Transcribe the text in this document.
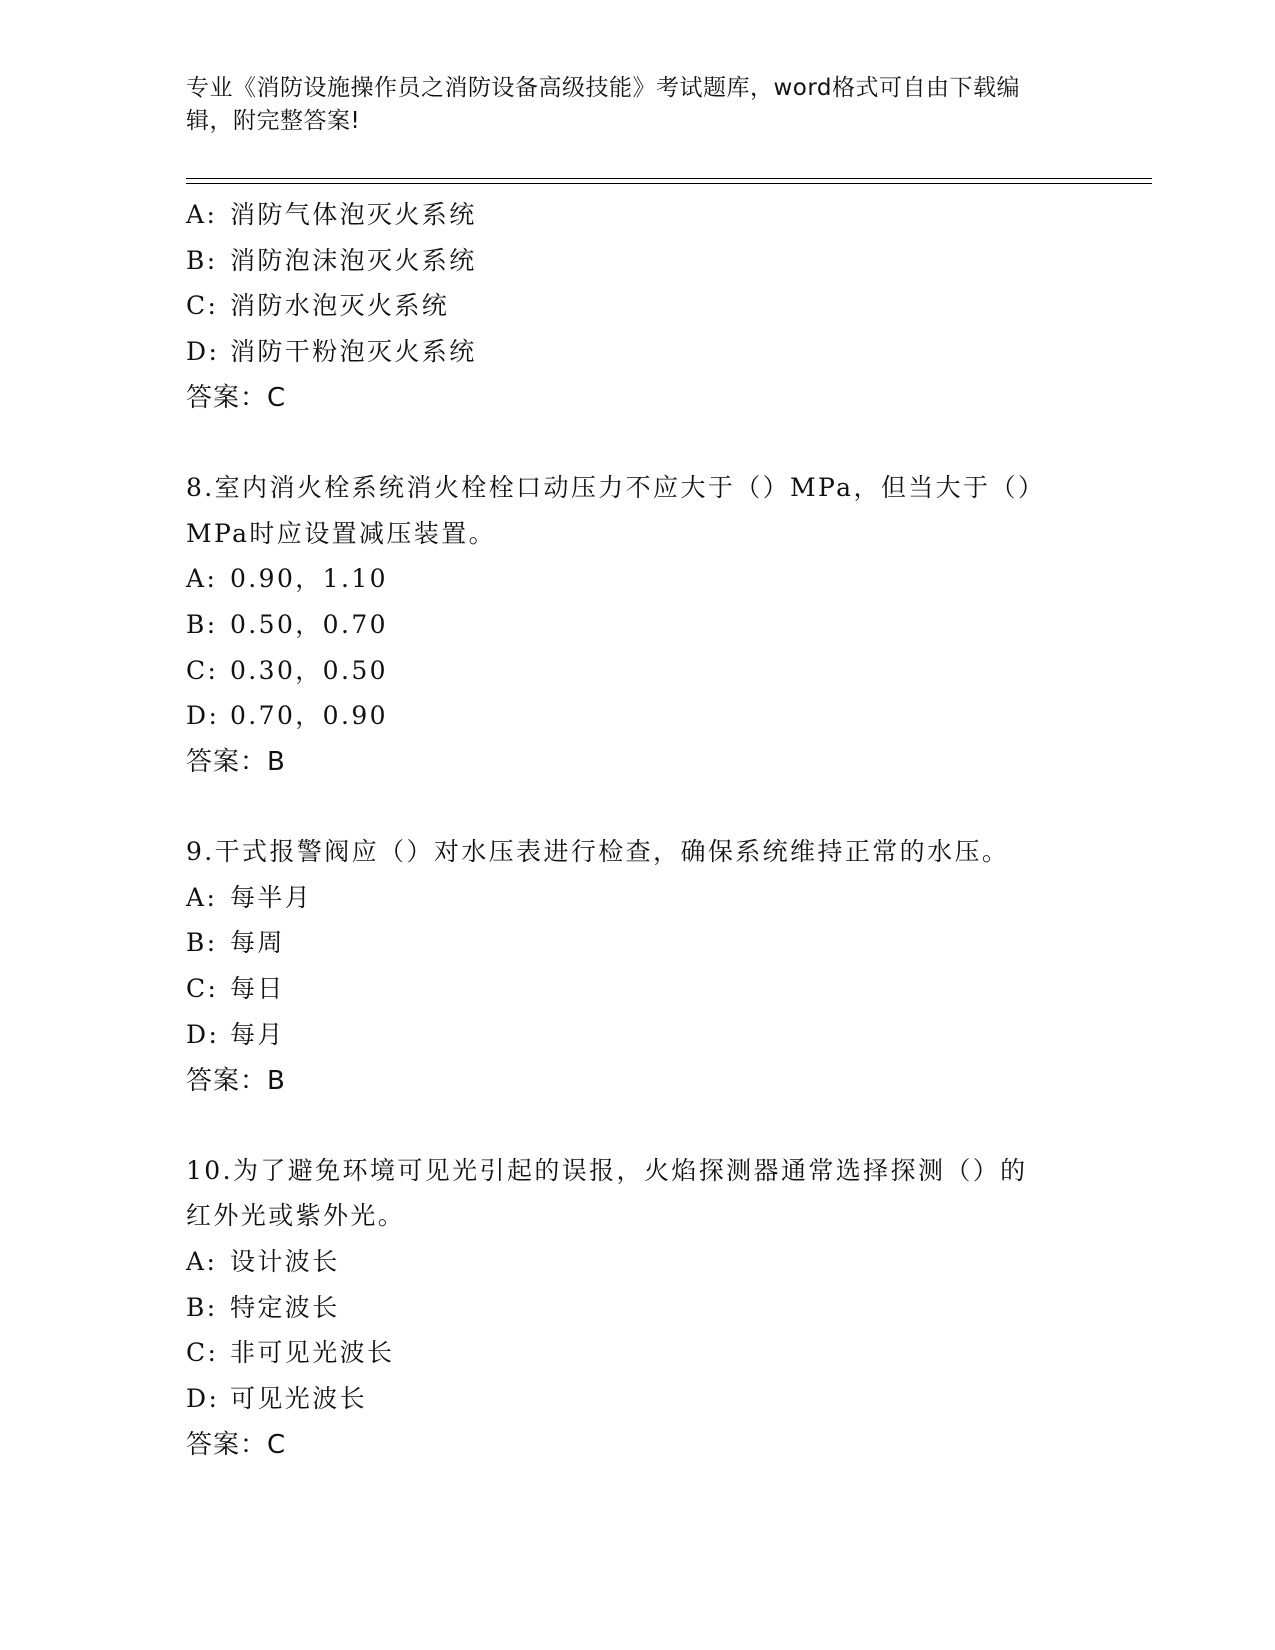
专业《消防设施操作员之消防设备高级技能》考试题库，word格式可自由下载编
辑，附完整答案!
A: 消防气体泡灭火系统
B: 消防泡沫泡灭火系统
C: 消防水泡灭火系统
D: 消防干粉泡灭火系统
答案：C
8.室内消火栓系统消火栓栓口动压力不应大于（）MPa，但当大于（）
MPa时应设置减压装置。
A: 0.90，1.10
B: 0.50，0.70
C: 0.30，0.50
D: 0.70，0.90
答案：B
9.干式报警阀应（）对水压表进行检查，确保系统维持正常的水压。
A: 每半月
B: 每周
C: 每日
D: 每月
答案：B
10.为了避免环境可见光引起的误报，火焰探测器通常选择探测（）的
红外光或紫外光。
A: 设计波长
B: 特定波长
C: 非可见光波长
D: 可见光波长
答案：C
